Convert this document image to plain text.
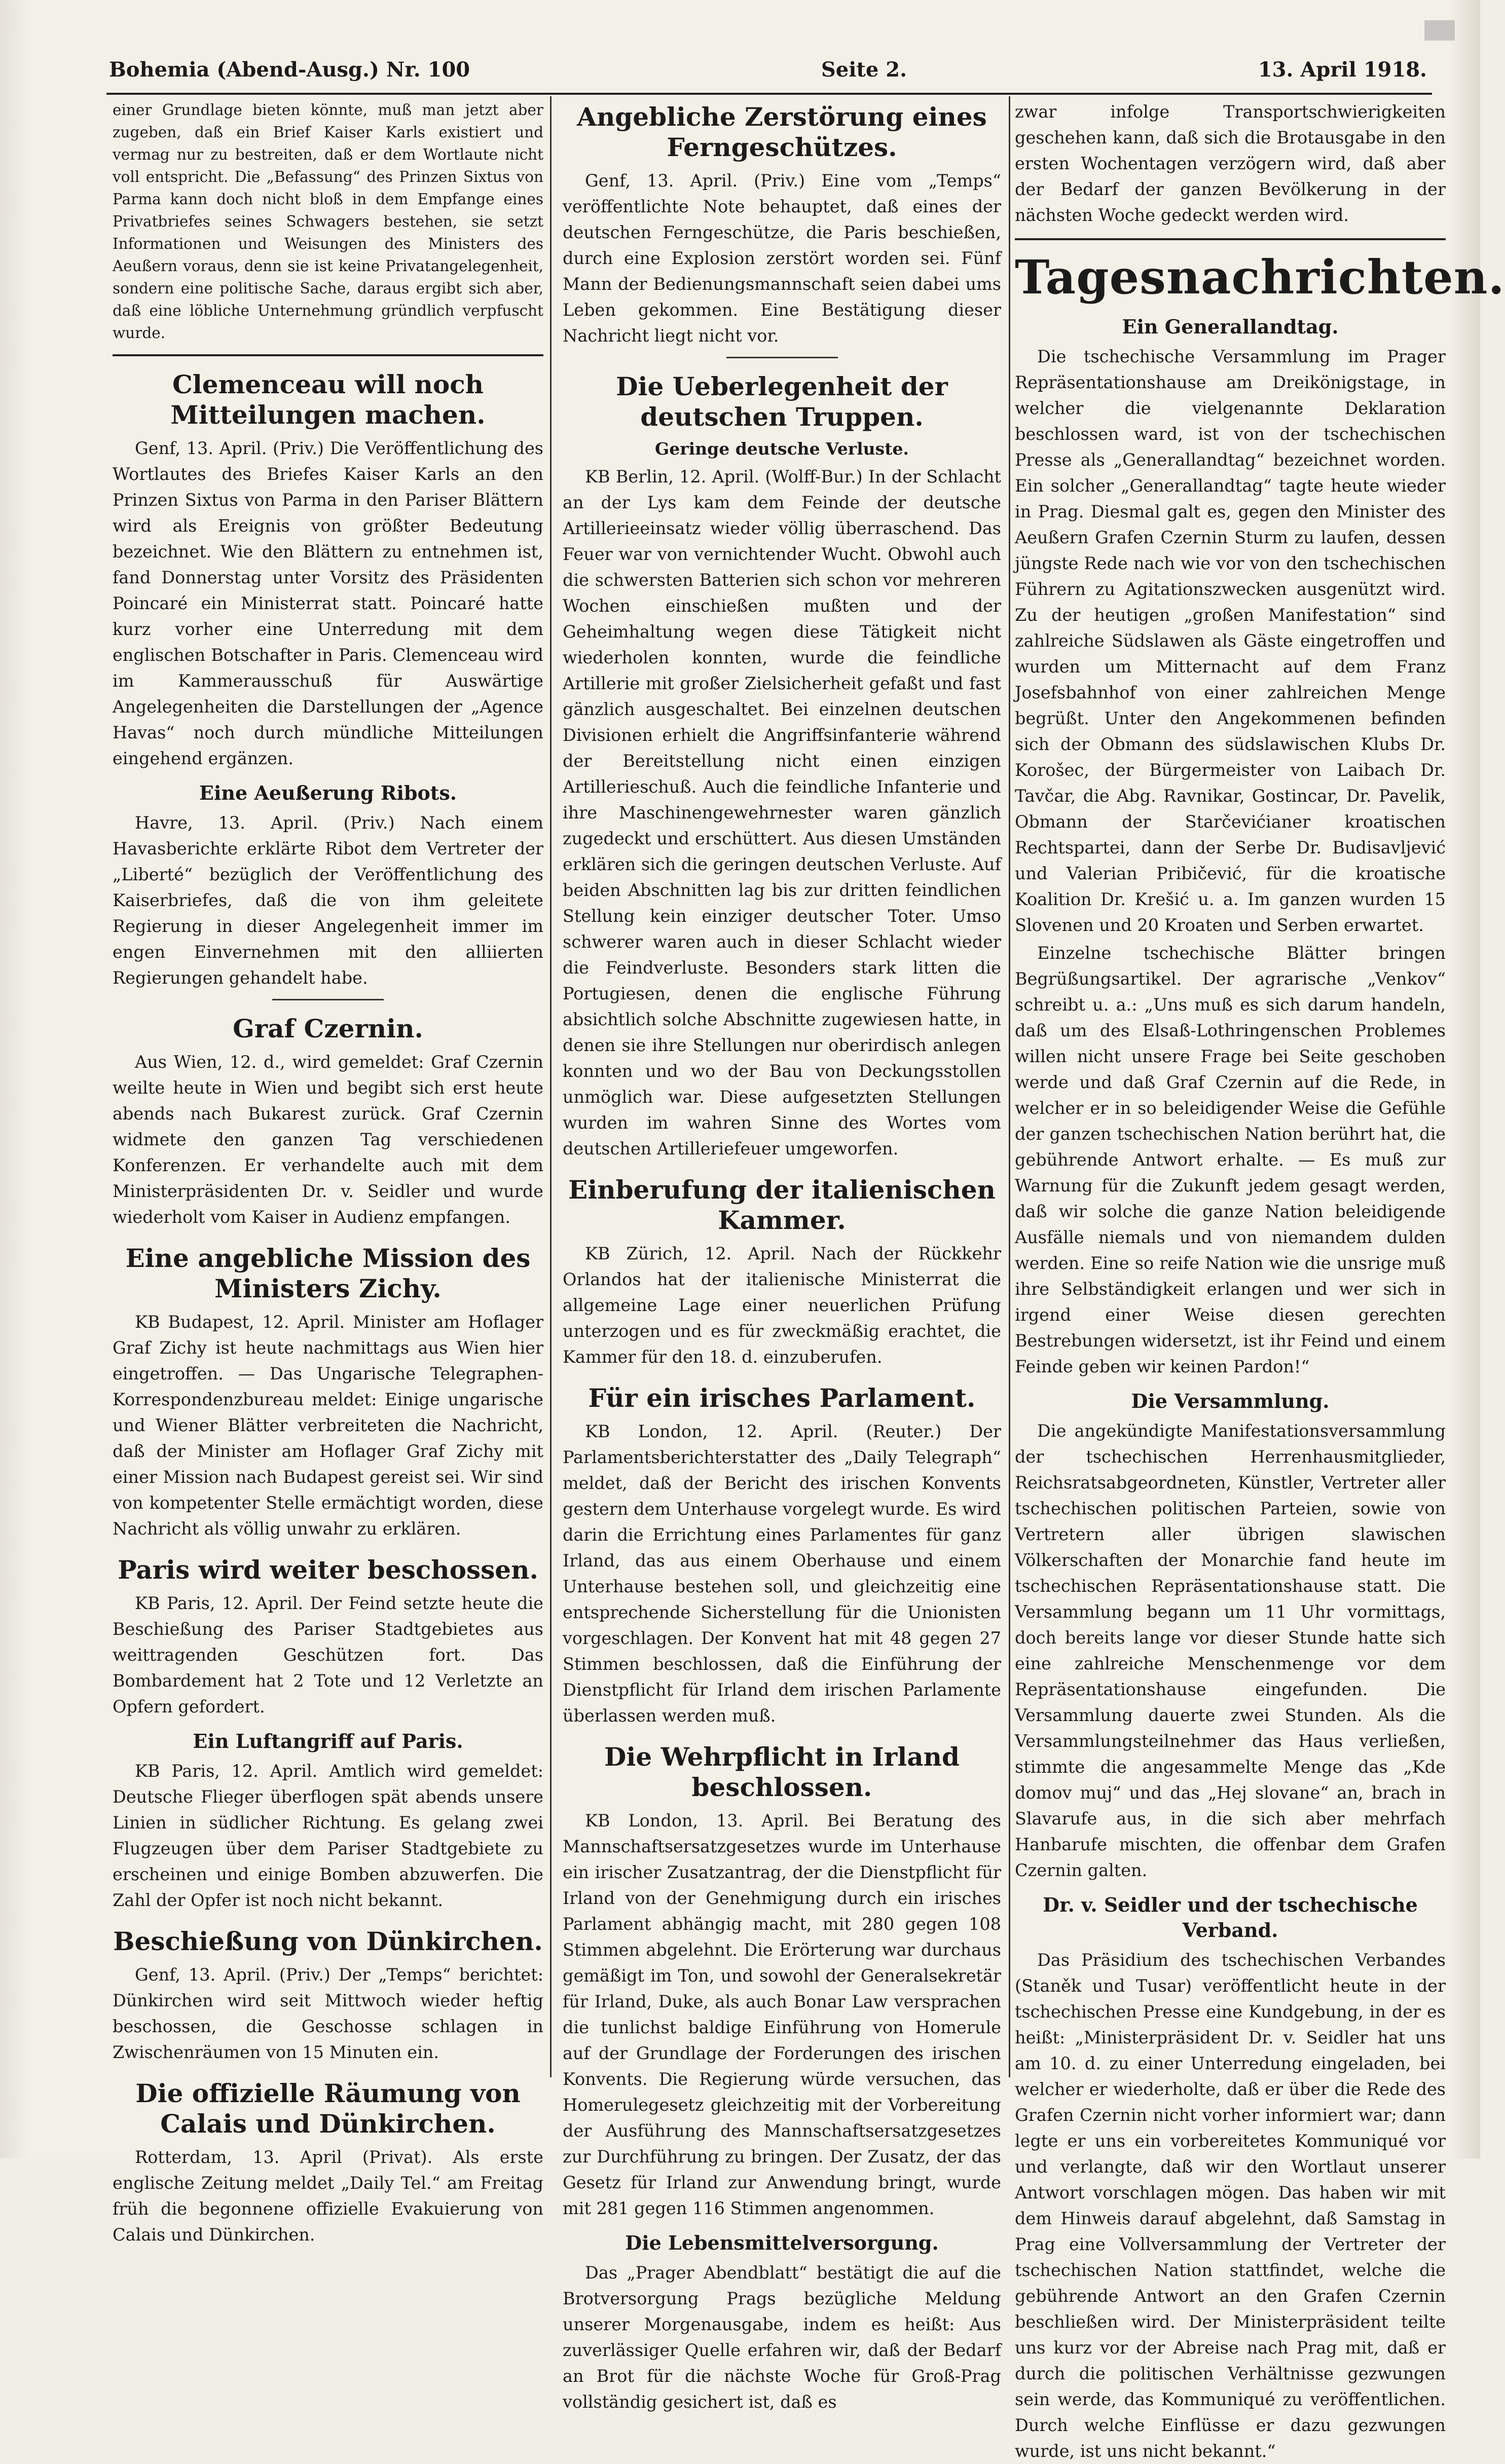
Bohemia (Abend-Ausg.) Nr. 100	Seite 2.	13. April 1918.

einer Grundlage bieten könnte, muß man jetzt aber zugeben, daß ein Brief Kaiser Karls existiert und vermag nur zu bestreiten, daß er dem Wortlaute nicht voll entspricht. Die „Befassung“ des Prinzen Sixtus von Parma kann doch nicht bloß in dem Empfange eines Privatbriefes seines Schwagers bestehen, sie setzt Informationen und Weisungen des Ministers des Aeußern voraus, denn sie ist keine Privatangelegenheit, sondern eine politische Sache, daraus ergibt sich aber, daß eine löbliche Unternehmung gründlich verpfuscht wurde.

Clemenceau will noch Mitteilungen machen.

Genf, 13. April. (Priv.) Die Veröffentlichung des Wortlautes des Briefes Kaiser Karls an den Prinzen Sixtus von Parma in den Pariser Blättern wird als Ereignis von größter Bedeutung bezeichnet. Wie den Blättern zu entnehmen ist, fand Donnerstag unter Vorsitz des Präsidenten Poincaré ein Ministerrat statt. Poincaré hatte kurz vorher eine Unterredung mit dem englischen Botschafter in Paris. Clemenceau wird im Kammerausschuß für Auswärtige Angelegenheiten die Darstellungen der „Agence Havas“ noch durch mündliche Mitteilungen eingehend ergänzen.

Eine Aeußerung Ribots.

Havre, 13. April. (Priv.) Nach einem Havasberichte erklärte Ribot dem Vertreter der „Liberté“ bezüglich der Veröffentlichung des Kaiserbriefes, daß die von ihm geleitete Regierung in dieser Angelegenheit immer im engen Einvernehmen mit den alliierten Regierungen gehandelt habe.

Graf Czernin.

Aus Wien, 12. d., wird gemeldet: Graf Czernin weilte heute in Wien und begibt sich erst heute abends nach Bukarest zurück. Graf Czernin widmete den ganzen Tag verschiedenen Konferenzen. Er verhandelte auch mit dem Ministerpräsidenten Dr. v. Seidler und wurde wiederholt vom Kaiser in Audienz empfangen.

Eine angebliche Mission des Ministers Zichy.

KB Budapest, 12. April. Minister am Hoflager Graf Zichy ist heute nachmittags aus Wien hier eingetroffen. — Das Ungarische Telegraphen-Korrespondenzbureau meldet: Einige ungarische und Wiener Blätter verbreiteten die Nachricht, daß der Minister am Hoflager Graf Zichy mit einer Mission nach Budapest gereist sei. Wir sind von kompetenter Stelle ermächtigt worden, diese Nachricht als völlig unwahr zu erklären.

Paris wird weiter beschossen.

KB Paris, 12. April. Der Feind setzte heute die Beschießung des Pariser Stadtgebietes aus weittragenden Geschützen fort. Das Bombardement hat 2 Tote und 12 Verletzte an Opfern gefordert.

Ein Luftangriff auf Paris.

KB Paris, 12. April. Amtlich wird gemeldet: Deutsche Flieger überflogen spät abends unsere Linien in südlicher Richtung. Es gelang zwei Flugzeugen über dem Pariser Stadtgebiete zu erscheinen und einige Bomben abzuwerfen. Die Zahl der Opfer ist noch nicht bekannt.

Beschießung von Dünkirchen.

Genf, 13. April. (Priv.) Der „Temps“ berichtet: Dünkirchen wird seit Mittwoch wieder heftig beschossen, die Geschosse schlagen in Zwischenräumen von 15 Minuten ein.

Die offizielle Räumung von Calais und Dünkirchen.

Rotterdam, 13. April (Privat). Als erste englische Zeitung meldet „Daily Tel.“ am Freitag früh die begonnene offizielle Evakuierung von Calais und Dünkirchen.

Angebliche Zerstörung eines Ferngeschützes.

Genf, 13. April. (Priv.) Eine vom „Temps“ veröffentlichte Note behauptet, daß eines der deutschen Ferngeschütze, die Paris beschießen, durch eine Explosion zerstört worden sei. Fünf Mann der Bedienungsmannschaft seien dabei ums Leben gekommen. Eine Bestätigung dieser Nachricht liegt nicht vor.

Die Ueberlegenheit der deutschen Truppen.
Geringe deutsche Verluste.

KB Berlin, 12. April. (Wolff-Bur.) In der Schlacht an der Lys kam dem Feinde der deutsche Artillerieeinsatz wieder völlig überraschend. Das Feuer war von vernichtender Wucht. Obwohl auch die schwersten Batterien sich schon vor mehreren Wochen einschießen mußten und der Geheimhaltung wegen diese Tätigkeit nicht wiederholen konnten, wurde die feindliche Artillerie mit großer Zielsicherheit gefaßt und fast gänzlich ausgeschaltet. Bei einzelnen deutschen Divisionen erhielt die Angriffsinfanterie während der Bereitstellung nicht einen einzigen Artillerieschuß. Auch die feindliche Infanterie und ihre Maschinengewehrnester waren gänzlich zugedeckt und erschüttert. Aus diesen Umständen erklären sich die geringen deutschen Verluste. Auf beiden Abschnitten lag bis zur dritten feindlichen Stellung kein einziger deutscher Toter. Umso schwerer waren auch in dieser Schlacht wieder die Feindverluste. Besonders stark litten die Portugiesen, denen die englische Führung absichtlich solche Abschnitte zugewiesen hatte, in denen sie ihre Stellungen nur oberirdisch anlegen konnten und wo der Bau von Deckungsstollen unmöglich war. Diese aufgesetzten Stellungen wurden im wahren Sinne des Wortes vom deutschen Artilleriefeuer umgeworfen.

Einberufung der italienischen Kammer.

KB Zürich, 12. April. Nach der Rückkehr Orlandos hat der italienische Ministerrat die allgemeine Lage einer neuerlichen Prüfung unterzogen und es für zweckmäßig erachtet, die Kammer für den 18. d. einzuberufen.

Für ein irisches Parlament.

KB London, 12. April. (Reuter.) Der Parlamentsberichterstatter des „Daily Telegraph“ meldet, daß der Bericht des irischen Konvents gestern dem Unterhause vorgelegt wurde. Es wird darin die Errichtung eines Parlamentes für ganz Irland, das aus einem Oberhause und einem Unterhause bestehen soll, und gleichzeitig eine entsprechende Sicherstellung für die Unionisten vorgeschlagen. Der Konvent hat mit 48 gegen 27 Stimmen beschlossen, daß die Einführung der Dienstpflicht für Irland dem irischen Parlamente überlassen werden muß.

Die Wehrpflicht in Irland beschlossen.

KB London, 13. April. Bei Beratung des Mannschaftsersatzgesetzes wurde im Unterhause ein irischer Zusatzantrag, der die Dienstpflicht für Irland von der Genehmigung durch ein irisches Parlament abhängig macht, mit 280 gegen 108 Stimmen abgelehnt. Die Erörterung war durchaus gemäßigt im Ton, und sowohl der Generalsekretär für Irland, Duke, als auch Bonar Law versprachen die tunlichst baldige Einführung von Homerule auf der Grundlage der Forderungen des irischen Konvents. Die Regierung würde versuchen, das Homerulegesetz gleichzeitig mit der Vorbereitung der Ausführung des Mannschaftsersatzgesetzes zur Durchführung zu bringen. Der Zusatz, der das Gesetz für Irland zur Anwendung bringt, wurde mit 281 gegen 116 Stimmen angenommen.

Die Lebensmittelversorgung.

Das „Prager Abendblatt“ bestätigt die auf die Brotversorgung Prags bezügliche Meldung unserer Morgenausgabe, indem es heißt: Aus zuverlässiger Quelle erfahren wir, daß der Bedarf an Brot für die nächste Woche für Groß-Prag vollständig gesichert ist, daß es

zwar infolge Transportschwierigkeiten geschehen kann, daß sich die Brotausgabe in den ersten Wochentagen verzögern wird, daß aber der Bedarf der ganzen Bevölkerung in der nächsten Woche gedeckt werden wird.

Tagesnachrichten.
Ein Generallandtag.

Die tschechische Versammlung im Prager Repräsentationshause am Dreikönigstage, in welcher die vielgenannte Deklaration beschlossen ward, ist von der tschechischen Presse als „Generallandtag“ bezeichnet worden. Ein solcher „Generallandtag“ tagte heute wieder in Prag. Diesmal galt es, gegen den Minister des Aeußern Grafen Czernin Sturm zu laufen, dessen jüngste Rede nach wie vor von den tschechischen Führern zu Agitationszwecken ausgenützt wird. Zu der heutigen „großen Manifestation“ sind zahlreiche Südslawen als Gäste eingetroffen und wurden um Mitternacht auf dem Franz Josefsbahnhof von einer zahlreichen Menge begrüßt. Unter den Angekommenen befinden sich der Obmann des südslawischen Klubs Dr. Korošec, der Bürgermeister von Laibach Dr. Tavčar, die Abg. Ravnikar, Gostincar, Dr. Pavelik, Obmann der Starčevićianer kroatischen Rechtspartei, dann der Serbe Dr. Budisavljević und Valerian Pribičević, für die kroatische Koalition Dr. Krešić u. a. Im ganzen wurden 15 Slovenen und 20 Kroaten und Serben erwartet.

Einzelne tschechische Blätter bringen Begrüßungsartikel. Der agrarische „Venkov“ schreibt u. a.: „Uns muß es sich darum handeln, daß um des Elsaß-Lothringenschen Problemes willen nicht unsere Frage bei Seite geschoben werde und daß Graf Czernin auf die Rede, in welcher er in so beleidigender Weise die Gefühle der ganzen tschechischen Nation berührt hat, die gebührende Antwort erhalte. — Es muß zur Warnung für die Zukunft jedem gesagt werden, daß wir solche die ganze Nation beleidigende Ausfälle niemals und von niemandem dulden werden. Eine so reife Nation wie die unsrige muß ihre Selbständigkeit erlangen und wer sich in irgend einer Weise diesen gerechten Bestrebungen widersetzt, ist ihr Feind und einem Feinde geben wir keinen Pardon!“

Die Versammlung.

Die angekündigte Manifestationsversammlung der tschechischen Herrenhausmitglieder, Reichsratsabgeordneten, Künstler, Vertreter aller tschechischen politischen Parteien, sowie von Vertretern aller übrigen slawischen Völkerschaften der Monarchie fand heute im tschechischen Repräsentationshause statt. Die Versammlung begann um 11 Uhr vormittags, doch bereits lange vor dieser Stunde hatte sich eine zahlreiche Menschenmenge vor dem Repräsentationshause eingefunden. Die Versammlung dauerte zwei Stunden. Als die Versammlungsteilnehmer das Haus verließen, stimmte die angesammelte Menge das „Kde domov muj“ und das „Hej slovane“ an, brach in Slavarufe aus, in die sich aber mehrfach Hanbarufe mischten, die offenbar dem Grafen Czernin galten.

Dr. v. Seidler und der tschechische Verband.

Das Präsidium des tschechischen Verbandes (Staněk und Tusar) veröffentlicht heute in der tschechischen Presse eine Kundgebung, in der es heißt: „Ministerpräsident Dr. v. Seidler hat uns am 10. d. zu einer Unterredung eingeladen, bei welcher er wiederholte, daß er über die Rede des Grafen Czernin nicht vorher informiert war; dann legte er uns ein vorbereitetes Kommuniqué vor und verlangte, daß wir den Wortlaut unserer Antwort vorschlagen mögen. Das haben wir mit dem Hinweis darauf abgelehnt, daß Samstag in Prag eine Vollversammlung der Vertreter der tschechischen Nation stattfindet, welche die gebührende Antwort an den Grafen Czernin beschließen wird. Der Ministerpräsident teilte uns kurz vor der Abreise nach Prag mit, daß er durch die politischen Verhältnisse gezwungen sein werde, das Kommuniqué zu veröffentlichen. Durch welche Einflüsse er dazu gezwungen wurde, ist uns nicht bekannt.“
